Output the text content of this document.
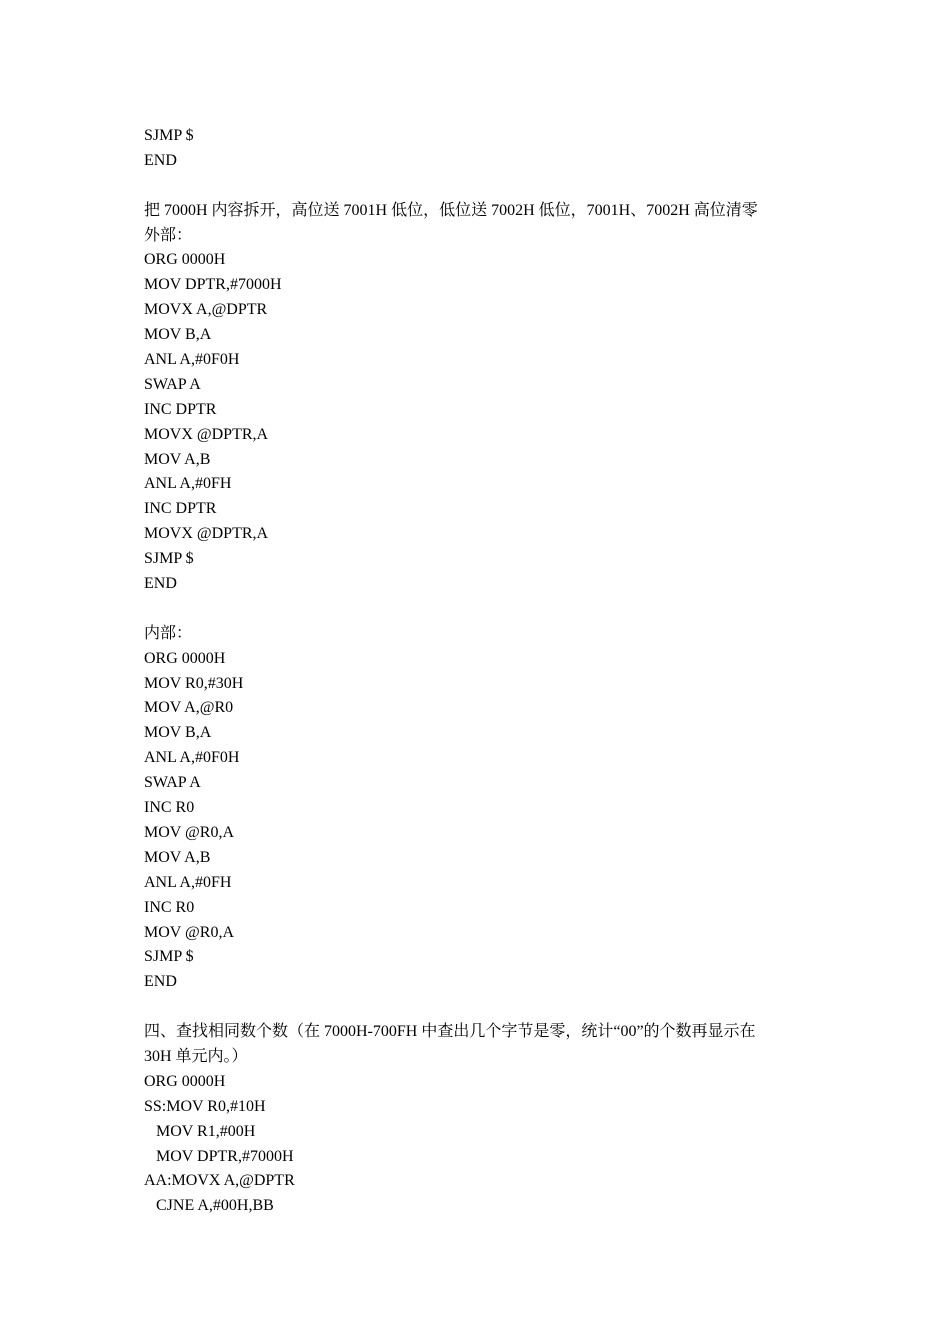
SJMP $
END
把 7000H 内容拆开，高位送 7001H 低位，低位送 7002H 低位，7001H、7002H 高位清零
外部：
ORG 0000H
MOV DPTR,#7000H
MOVX A,@DPTR
MOV B,A
ANL A,#0F0H
SWAP A
INC DPTR
MOVX @DPTR,A
MOV A,B
ANL A,#0FH
INC DPTR
MOVX @DPTR,A
SJMP $
END
内部：
ORG 0000H
MOV R0,#30H
MOV A,@R0
MOV B,A
ANL A,#0F0H
SWAP A
INC R0
MOV @R0,A
MOV A,B
ANL A,#0FH
INC R0
MOV @R0,A
SJMP $
END
四、查找相同数个数（在 7000H-700FH 中查出几个字节是零，统计“00”的个数再显示在
30H 单元内。）
ORG 0000H
SS:MOV R0,#10H
MOV R1,#00H
MOV DPTR,#7000H
AA:MOVX A,@DPTR
CJNE A,#00H,BB
